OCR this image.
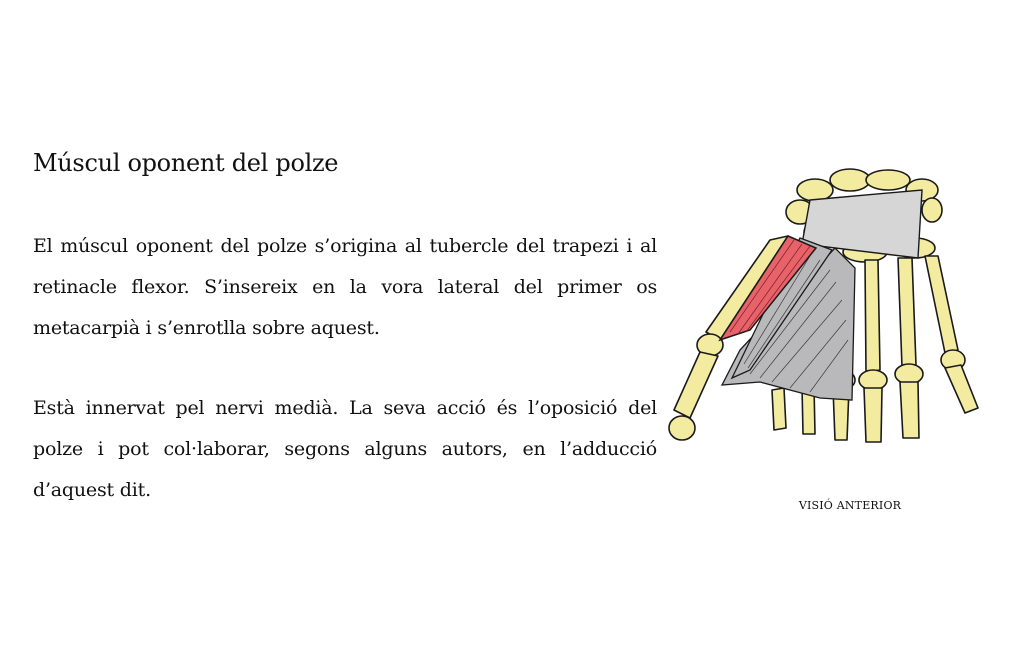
Múscul oponent del polze

El múscul oponent del polze s’origina al tubercle del trapezi i al retinacle flexor. S’insereix en la vora lateral del primer os metacarpià i s’enrotlla sobre aquest.

Està innervat pel nervi medià. La seva acció és l’oposició del polze i pot col·laborar, segons alguns autors, en l’adducció d’aquest dit.

VISIÓ ANTERIOR
